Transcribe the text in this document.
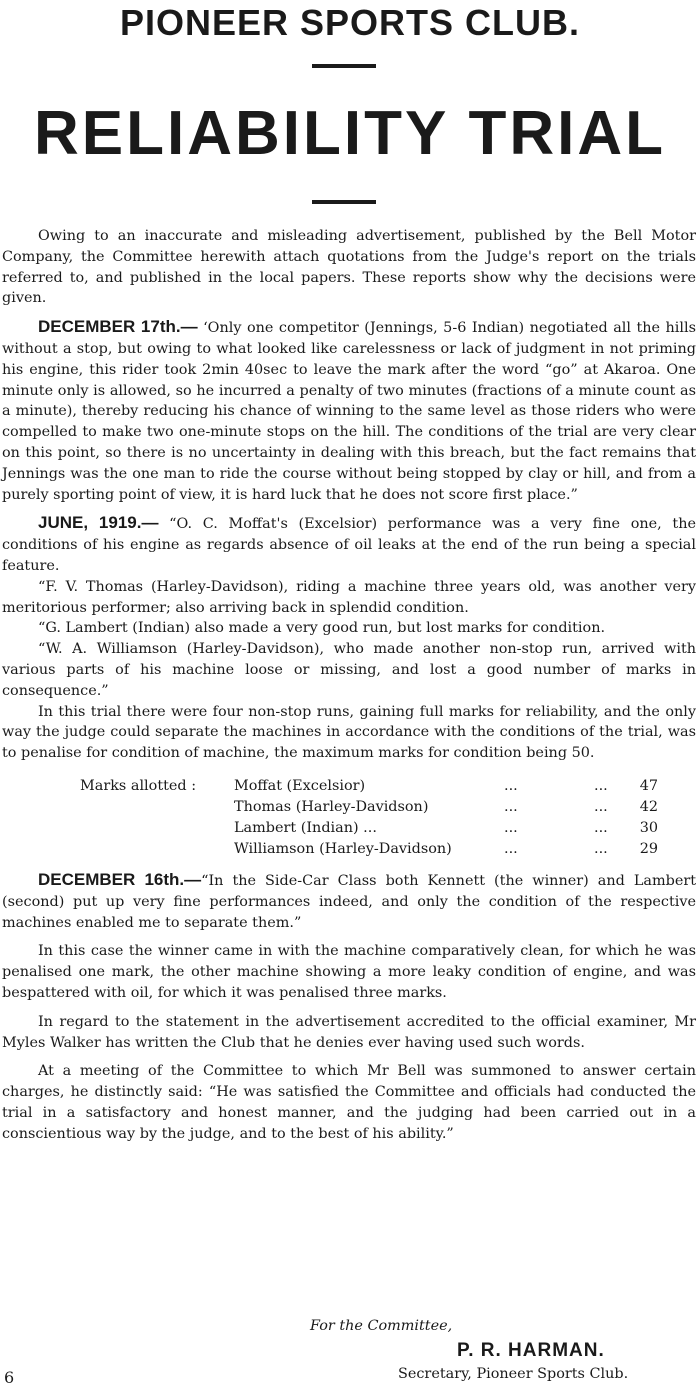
PIONEER SPORTS CLUB.
RELIABILITY TRIAL

Owing to an inaccurate and misleading advertisement, published by the Bell Motor Company, the Committee herewith attach quotations from the Judge's report on the trials referred to, and published in the local papers. These reports show why the decisions were given.

DECEMBER 17th.— ‘Only one competitor (Jennings, 5-6 Indian) negotiated all the hills without a stop, but owing to what looked like carelessness or lack of judgment in not priming his engine, this rider took 2min 40sec to leave the mark after the word “go” at Akaroa. One minute only is allowed, so he incurred a penalty of two minutes (fractions of a minute count as a minute), thereby reducing his chance of winning to the same level as those riders who were compelled to make two one-minute stops on the hill. The conditions of the trial are very clear on this point, so there is no uncertainty in dealing with this breach, but the fact remains that Jennings was the one man to ride the course without being stopped by clay or hill, and from a purely sporting point of view, it is hard luck that he does not score first place.”

JUNE, 1919.— “O. C. Moffat's (Excelsior) performance was a very fine one, the conditions of his engine as regards absence of oil leaks at the end of the run being a special feature.

“F. V. Thomas (Harley-Davidson), riding a machine three years old, was another very meritorious performer; also arriving back in splendid condition.

“G. Lambert (Indian) also made a very good run, but lost marks for condition.

“W. A. Williamson (Harley-Davidson), who made another non-stop run, arrived with various parts of his machine loose or missing, and lost a good number of marks in consequence.”

In this trial there were four non-stop runs, gaining full marks for reliability, and the only way the judge could separate the machines in accordance with the conditions of the trial, was to penalise for condition of machine, the maximum marks for condition being 50.

Marks allotted :	Moffat (Excelsior)	...	...	47
Thomas (Harley-Davidson)	...	...	42
Lambert (Indian) ...	...	...	30
Williamson (Harley-Davidson)	...	...	29

DECEMBER 16th.—“In the Side-Car Class both Kennett (the winner) and Lambert (second) put up very fine performances indeed, and only the condition of the respective machines enabled me to separate them.”

In this case the winner came in with the machine comparatively clean, for which he was penalised one mark, the other machine showing a more leaky condition of engine, and was bespattered with oil, for which it was penalised three marks.

In regard to the statement in the advertisement accredited to the official examiner, Mr Myles Walker has written the Club that he denies ever having used such words.

At a meeting of the Committee to which Mr Bell was summoned to answer certain charges, he distinctly said: “He was satisfied the Committee and officials had conducted the trial in a satisfactory and honest manner, and the judging had been carried out in a conscientious way by the judge, and to the best of his ability.”

For the Committee,
P. R. HARMAN.
Secretary, Pioneer Sports Club.
6
